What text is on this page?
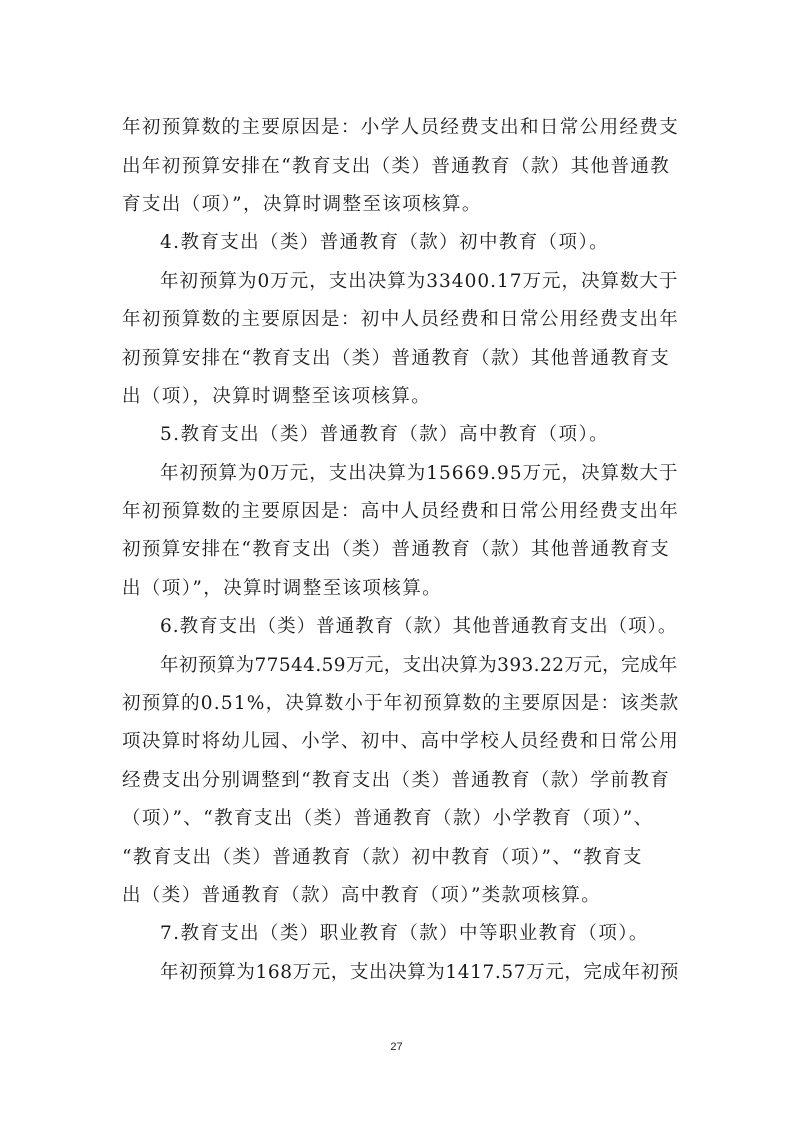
年初预算数的主要原因是：小学人员经费支出和日常公用经费支
出年初预算安排在“教育支出（类）普通教育（款）其他普通教
育支出（项）”，决算时调整至该项核算。
4.教育支出（类）普通教育（款）初中教育（项）。
年初预算为0万元，支出决算为33400.17万元，决算数大于
年初预算数的主要原因是：初中人员经费和日常公用经费支出年
初预算安排在“教育支出（类）普通教育（款）其他普通教育支
出（项），决算时调整至该项核算。
5.教育支出（类）普通教育（款）高中教育（项）。
年初预算为0万元，支出决算为15669.95万元，决算数大于
年初预算数的主要原因是：高中人员经费和日常公用经费支出年
初预算安排在“教育支出（类）普通教育（款）其他普通教育支
出（项）”，决算时调整至该项核算。
6.教育支出（类）普通教育（款）其他普通教育支出（项）。
年初预算为77544.59万元，支出决算为393.22万元，完成年
初预算的0.51%，决算数小于年初预算数的主要原因是：该类款
项决算时将幼儿园、小学、初中、高中学校人员经费和日常公用
经费支出分别调整到“教育支出（类）普通教育（款）学前教育
（项）”、“教育支出（类）普通教育（款）小学教育（项）”、
“教育支出（类）普通教育（款）初中教育（项）”、“教育支
出（类）普通教育（款）高中教育（项）”类款项核算。
7.教育支出（类）职业教育（款）中等职业教育（项）。
年初预算为168万元，支出决算为1417.57万元，完成年初预
27
